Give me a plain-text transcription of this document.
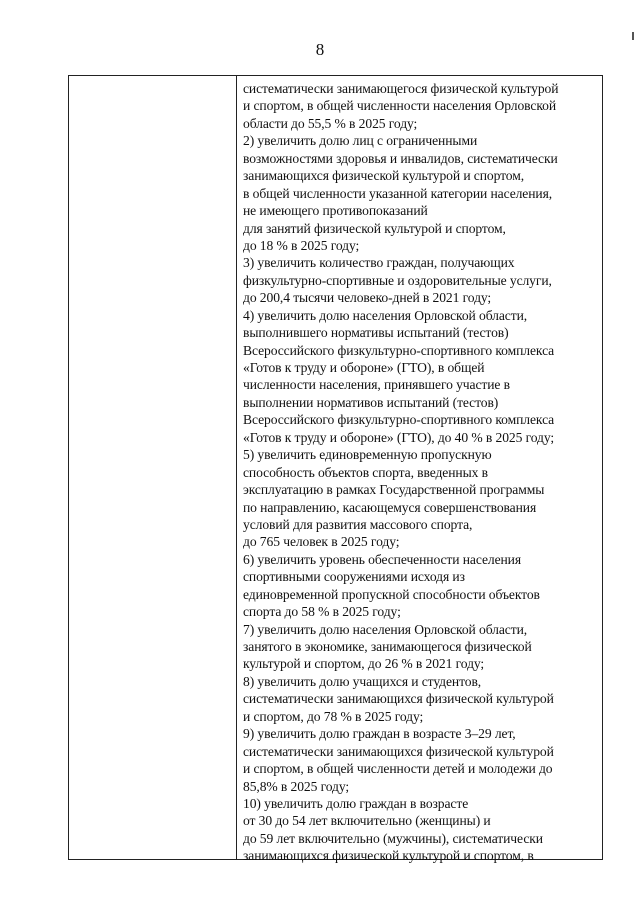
8
систематически занимающегося физической культурой
и спортом, в общей численности населения Орловской
области до 55,5 % в 2025 году;
2) увеличить долю лиц с ограниченными
возможностями здоровья и инвалидов, систематически
занимающихся физической культурой и спортом,
в общей численности указанной категории населения,
не имеющего противопоказаний
для занятий физической культурой и спортом,
до 18 % в 2025 году;
3) увеличить количество граждан, получающих
физкультурно-спортивные и оздоровительные услуги,
до 200,4 тысячи человеко-дней в 2021 году;
4) увеличить долю населения Орловской области,
выполнившего нормативы испытаний (тестов)
Всероссийского физкультурно-спортивного комплекса
«Готов к труду и обороне» (ГТО), в общей
численности населения, принявшего участие в
выполнении нормативов испытаний (тестов)
Всероссийского физкультурно-спортивного комплекса
«Готов к труду и обороне» (ГТО), до 40 % в 2025 году;
5) увеличить единовременную пропускную
способность объектов спорта, введенных в
эксплуатацию в рамках Государственной программы
по направлению, касающемуся совершенствования
условий для развития массового спорта,
до 765 человек в 2025 году;
6) увеличить уровень обеспеченности населения
спортивными сооружениями исходя из
единовременной пропускной способности объектов
спорта до 58 % в 2025 году;
7) увеличить долю населения Орловской области,
занятого в экономике, занимающегося физической
культурой и спортом, до 26 % в 2021 году;
8) увеличить долю учащихся и студентов,
систематически занимающихся физической культурой
и спортом, до 78 % в 2025 году;
9) увеличить долю граждан в возрасте 3–29 лет,
систематически занимающихся физической культурой
и спортом, в общей численности детей и молодежи до
85,8% в 2025 году;
10) увеличить долю граждан в возрасте
от 30 до 54 лет включительно (женщины) и
до 59 лет включительно (мужчины), систематически
занимающихся физической культурой и спортом, в
